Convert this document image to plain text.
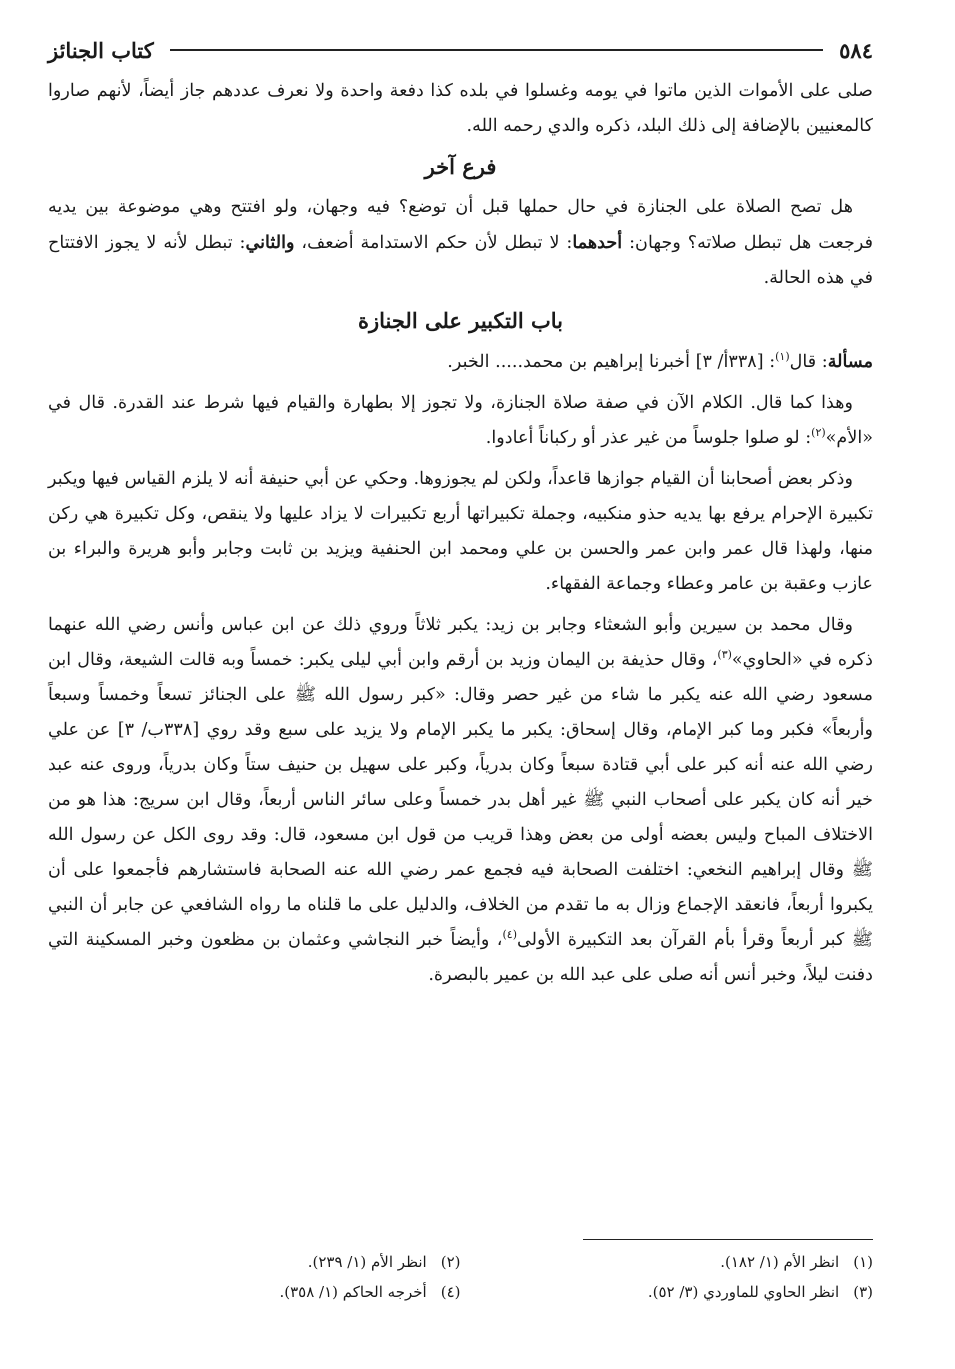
٥٨٤
كتاب الجنائز

صلى على الأموات الذين ماتوا في يومه وغسلوا في بلده كذا دفعة واحدة ولا نعرف عددهم جاز أيضاً، لأنهم صاروا كالمعنيين بالإضافة إلى ذلك البلد، ذكره والدي رحمه الله.

فرع آخر

هل تصح الصلاة على الجنازة في حال حملها قبل أن توضع؟ فيه وجهان، ولو افتتح وهي موضوعة بين يديه فرجعت هل تبطل صلاته؟ وجهان: أحدهما: لا تبطل لأن حكم الاستدامة أضعف، والثاني: تبطل لأنه لا يجوز الافتتاح في هذه الحالة.

باب التكبير على الجنازة

مسألة: قال$^{(١)}$: [٣٣٨أ/ ٣] أخبرنا إبراهيم بن محمد..... الخبر.

وهذا كما قال. الكلام الآن في صفة صلاة الجنازة، ولا تجوز إلا بطهارة والقيام فيها شرط عند القدرة. قال في «الأم»$^{(٢)}$: لو صلوا جلوساً من غير عذر أو ركباناً أعادوا.

وذكر بعض أصحابنا أن القيام جوازها قاعداً، ولكن لم يجوزوها. وحكي عن أبي حنيفة أنه لا يلزم القياس فيها ويكبر تكبيرة الإحرام يرفع بها يديه حذو منكبيه، وجملة تكبيراتها أربع تكبيرات لا يزاد عليها ولا ينقص، وكل تكبيرة هي ركن منها، ولهذا قال عمر وابن عمر والحسن بن علي ومحمد ابن الحنفية ويزيد بن ثابت وجابر وأبو هريرة والبراء بن عازب وعقبة بن عامر وعطاء وجماعة الفقهاء.

وقال محمد بن سيرين وأبو الشعثاء وجابر بن زيد: يكبر ثلاثاً وروي ذلك عن ابن عباس وأنس رضي الله عنهما ذكره في «الحاوي»$^{(٣)}$، وقال حذيفة بن اليمان وزيد بن أرقم وابن أبي ليلى يكبر: خمساً وبه قالت الشيعة، وقال ابن مسعود رضي الله عنه يكبر ما شاء من غير حصر وقال: «كبر رسول الله ﷺ على الجنائز تسعاً وخمساً وسبعاً وأربعاً» فكبر وما كبر الإمام، وقال إسحاق: يكبر ما يكبر الإمام ولا يزيد على سبع وقد روي [٣٣٨ب/ ٣] عن علي رضي الله عنه أنه كبر على أبي قتادة سبعاً وكان بدرياً، وكبر على سهيل بن حنيف ستاً وكان بدرياً، وروى عنه عبد خير أنه كان يكبر على أصحاب النبي ﷺ غير أهل بدر خمساً وعلى سائر الناس أربعاً، وقال ابن سريج: هذا هو من الاختلاف المباح وليس بعضه أولى من بعض وهذا قريب من قول ابن مسعود، قال: وقد روى الكل عن رسول الله ﷺ وقال إبراهيم النخعي: اختلفت الصحابة فيه فجمع عمر رضي الله عنه الصحابة فاستشارهم فأجمعوا على أن يكبروا أربعاً، فانعقد الإجماع وزال به ما تقدم من الخلاف، والدليل على ما قلناه ما رواه الشافعي عن جابر أن النبي ﷺ كبر أربعاً وقرأ بأم القرآن بعد التكبيرة الأولى$^{(٤)}$، وأيضاً خبر النجاشي وعثمان بن مظعون وخبر المسكينة التي دفنت ليلاً، وخبر أنس أنه صلى على عبد الله بن عمير بالبصرة.

(١)
انظر الأم (١/ ١٨٢).
(٢)
انظر الأم (١/ ٢٣٩).
(٣)
انظر الحاوي للماوردي (٣/ ٥٢).
(٤)
أخرجه الحاكم (١/ ٣٥٨).
